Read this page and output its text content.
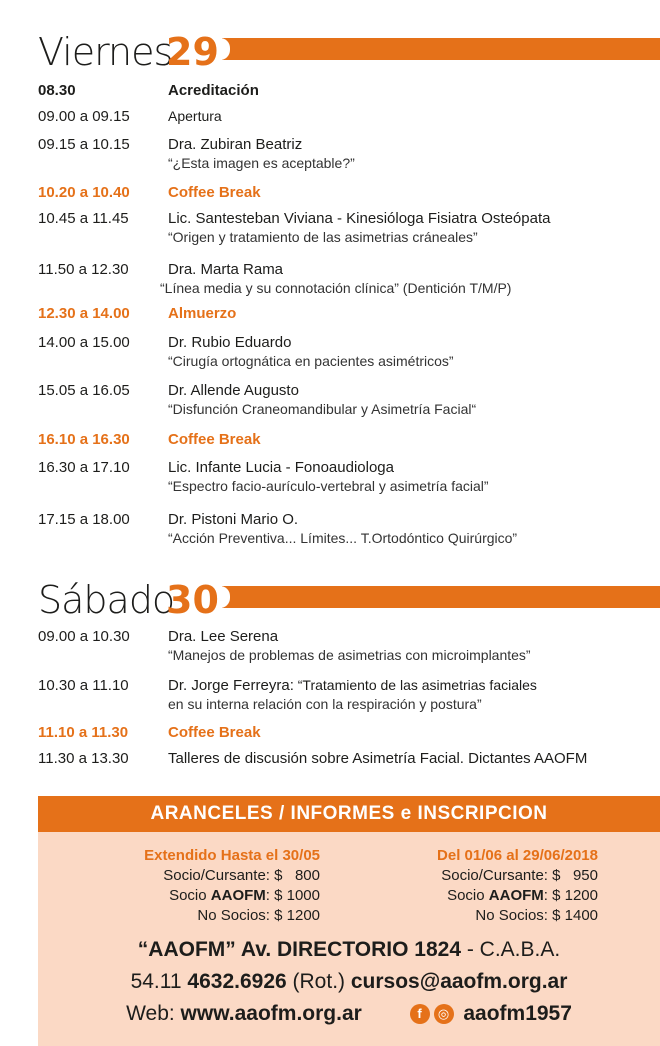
Viernes
29
08.30	Acreditación
09.00 a 09.15	Apertura
09.15 a 10.15	Dra. Zubiran Beatriz
“¿Esta imagen es aceptable?”
10.20 a 10.40	Coffee Break
10.45 a 11.45	Lic. Santesteban Viviana - Kinesióloga Fisiatra Osteópata
“Origen y tratamiento de las asimetrias cráneales”
11.50 a 12.30	Dra. Marta Rama
“Línea media y su connotación clínica” (Dentición T/M/P)
12.30 a 14.00	Almuerzo
14.00 a 15.00	Dr. Rubio Eduardo
“Cirugía ortognática en pacientes asimétricos”
15.05 a 16.05	Dr. Allende Augusto
“Disfunción Craneomandibular y Asimetría Facial“
16.10 a 16.30	Coffee Break
16.30 a 17.10	Lic. Infante Lucia - Fonoaudiologa
“Espectro facio-aurículo-vertebral y asimetría facial”
17.15 a 18.00	Dr. Pistoni Mario O.
“Acción Preventiva... Límites... T.Ortodóntico Quirúrgico”
Sábado
30
09.00 a 10.30	Dra. Lee Serena
“Manejos de problemas de asimetrias con microimplantes”
10.30 a 11.10	Dr. Jorge Ferreyra: “Tratamiento de las asimetrias faciales
en su interna relación con la respiración y postura”
11.10 a 11.30	Coffee Break
11.30 a 13.30	Talleres de discusión sobre Asimetría Facial. Dictantes AAOFM
ARANCELES / INFORMES e INSCRIPCION
Extendido Hasta el 30/05
Socio/Cursante: $   800
Socio AAOFM: $ 1000
No Socios: $ 1200
Del 01/06 al 29/06/2018
Socio/Cursante: $   950
Socio AAOFM: $ 1200
No Socios: $ 1400
“AAOFM” Av. DIRECTORIO 1824 - C.A.B.A.
54.11 4632.6926 (Rot.) cursos@aaofm.org.ar
Web: www.aaofm.org.ar	f ◎ aaofm1957
